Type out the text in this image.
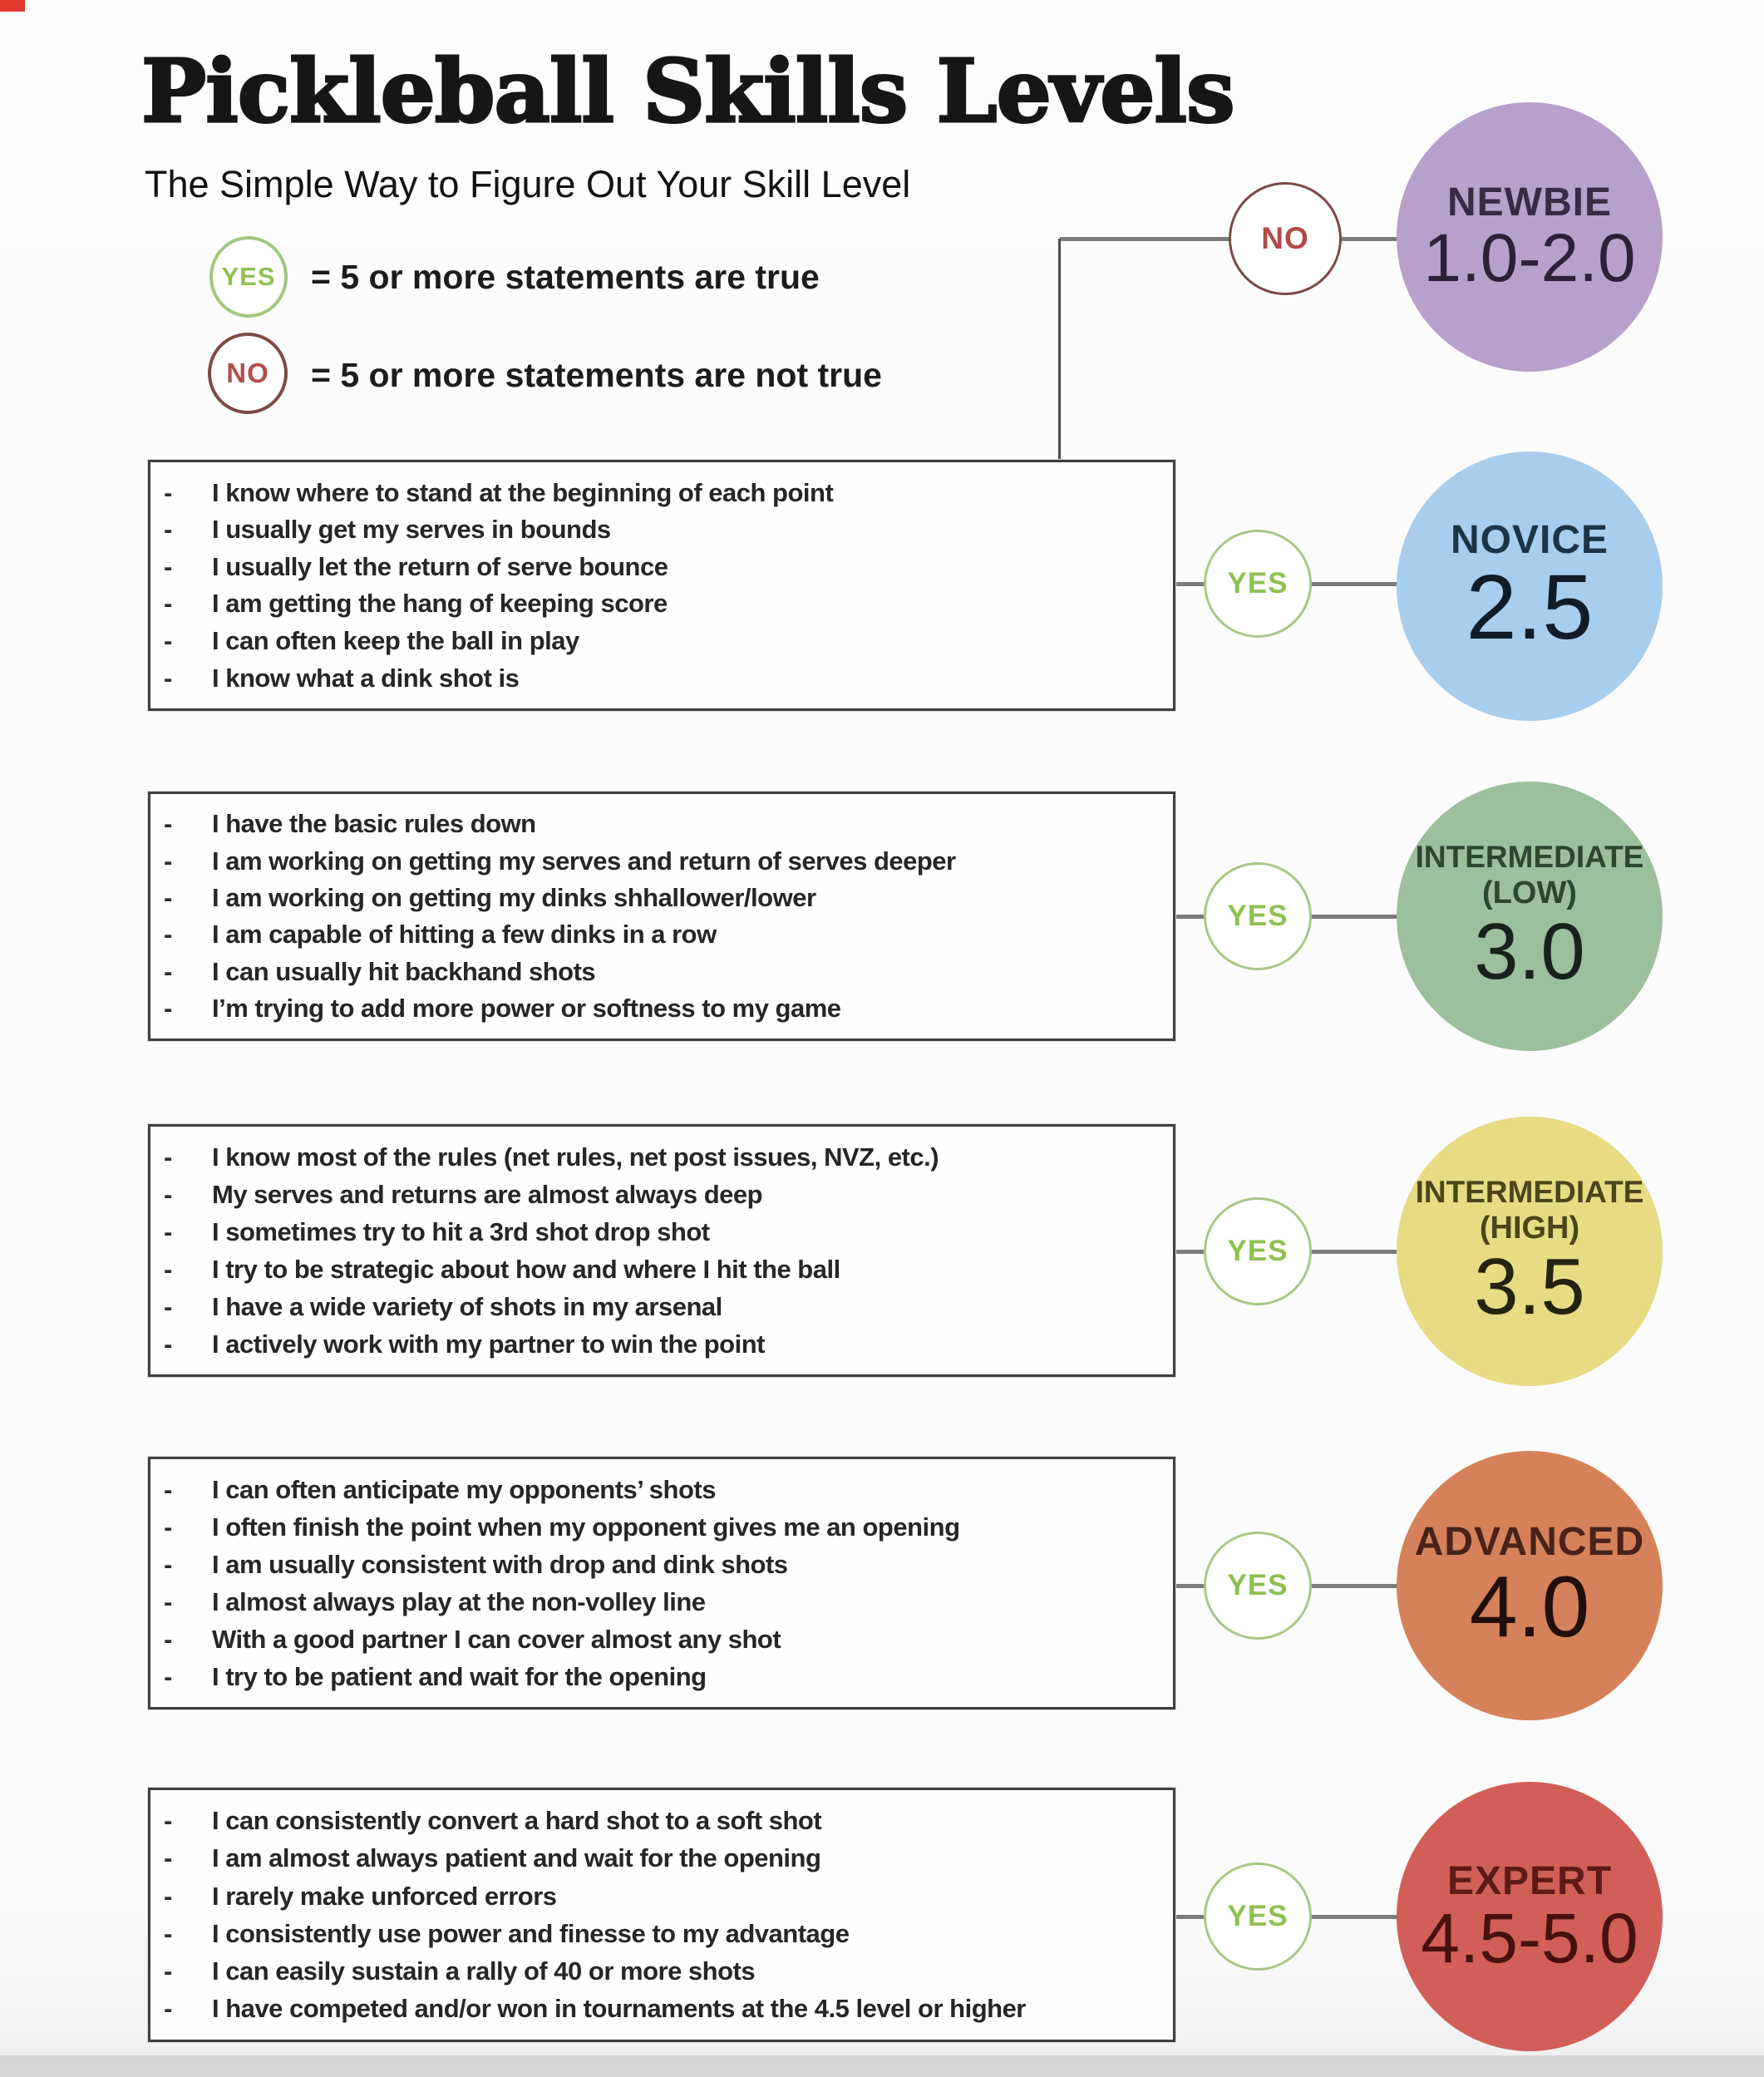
Pickleball Skills Levels
The Simple Way to Figure Out Your Skill Level
YES = 5 or more statements are true
NO = 5 or more statements are not true
- I know where to stand at the beginning of each point
- I usually get my serves in bounds
- I usually let the return of serve bounce
- I am getting the hang of keeping score
- I can often keep the ball in play
- I know what a dink shot is
- I have the basic rules down
- I am working on getting my serves and return of serves deeper
- I am working on getting my dinks shhallower/lower
- I am capable of hitting a few dinks in a row
- I can usually hit backhand shots
- I’m trying to add more power or softness to my game
- I know most of the rules (net rules, net post issues, NVZ, etc.)
- My serves and returns are almost always deep
- I sometimes try to hit a 3rd shot drop shot
- I try to be strategic about how and where I hit the ball
- I have a wide variety of shots in my arsenal
- I actively work with my partner to win the point
- I can often anticipate my opponents’ shots
- I often finish the point when my opponent gives me an opening
- I am usually consistent with drop and dink shots
- I almost always play at the non-volley line
- With a good partner I can cover almost any shot
- I try to be patient and wait for the opening
- I can consistently convert a hard shot to a soft shot
- I am almost always patient and wait for the opening
- I rarely make unforced errors
- I consistently use power and finesse to my advantage
- I can easily sustain a rally of 40 or more shots
- I have competed and/or won in tournaments at the 4.5 level or higher
NO
YES
YES
YES
YES
YES
NEWBIE
1.0-2.0
NOVICE
2.5
INTERMEDIATE
(LOW)
3.0
INTERMEDIATE
(HIGH)
3.5
ADVANCED
4.0
EXPERT
4.5-5.0
